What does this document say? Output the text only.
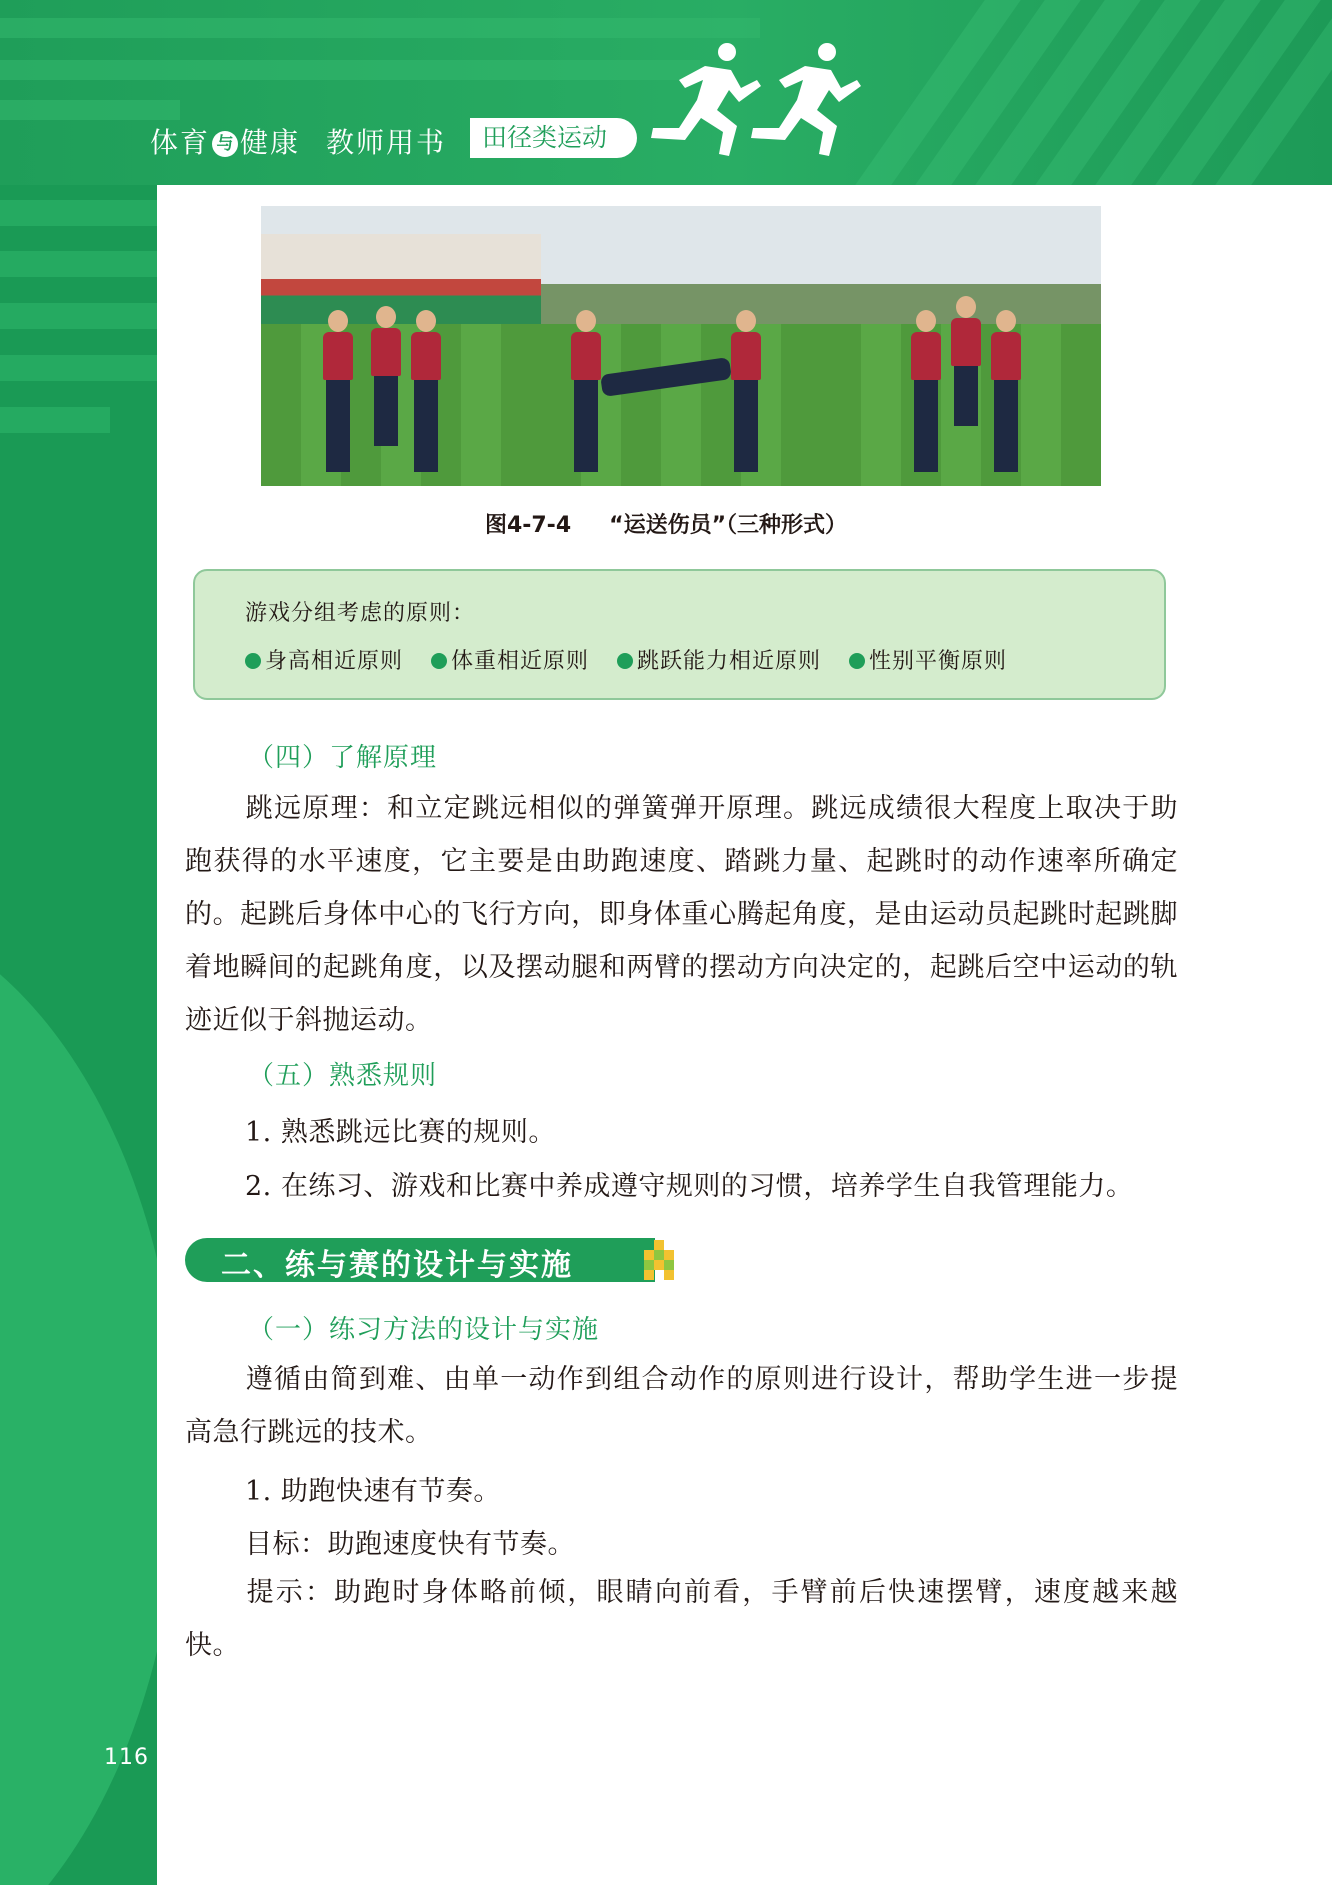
体育 与 健康 教师用书	田径类运动
图4-7-4 “运送伤员”（三种形式）
游戏分组考虑的原则：
身高相近原则	体重相近原则	跳跃能力相近原则	性别平衡原则
（四）了解原理
跳远原理：和立定跳远相似的弹簧弹开原理。跳远成绩很大程度上取决于助跑获得的水平速度，它主要是由助跑速度、踏跳力量、起跳时的动作速率所确定的。起跳后身体中心的飞行方向，即身体重心腾起角度，是由运动员起跳时起跳脚着地瞬间的起跳角度，以及摆动腿和两臂的摆动方向决定的，起跳后空中运动的轨迹近似于斜抛运动。
（五）熟悉规则
1. 熟悉跳远比赛的规则。
2. 在练习、游戏和比赛中养成遵守规则的习惯，培养学生自我管理能力。
二、练与赛的设计与实施
（一）练习方法的设计与实施
遵循由简到难、由单一动作到组合动作的原则进行设计，帮助学生进一步提高急行跳远的技术。
1. 助跑快速有节奏。
目标：助跑速度快有节奏。
提示：助跑时身体略前倾，眼睛向前看，手臂前后快速摆臂，速度越来越快。
116
